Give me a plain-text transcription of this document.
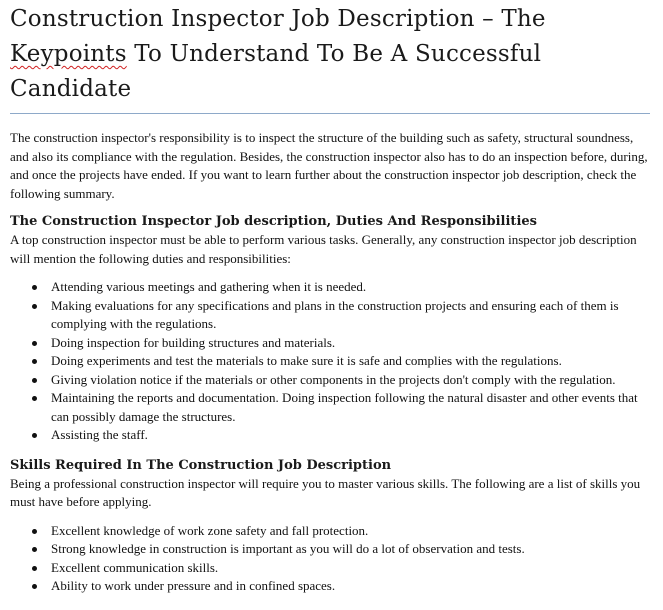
Construction Inspector Job Description – The
Keypoints To Understand To Be A Successful Candidate

The construction inspector's responsibility is to inspect the structure of the building such as safety, structural soundness, and also its compliance with the regulation. Besides, the construction inspector also has to do an inspection before, during, and once the projects have ended. If you want to learn further about the construction inspector job description, check the following summary.

The Construction Inspector Job description, Duties And Responsibilities

A top construction inspector must be able to perform various tasks. Generally, any construction inspector job description will mention the following duties and responsibilities:

Attending various meetings and gathering when it is needed.
Making evaluations for any specifications and plans in the construction projects and ensuring each of them is complying with the regulations.
Doing inspection for building structures and materials.
Doing experiments and test the materials to make sure it is safe and complies with the regulations.
Giving violation notice if the materials or other components in the projects don't comply with the regulation.
Maintaining the reports and documentation. Doing inspection following the natural disaster and other events that can possibly damage the structures.
Assisting the staff.
Skills Required In The Construction Job Description

Being a professional construction inspector will require you to master various skills. The following are a list of skills you must have before applying.

Excellent knowledge of work zone safety and fall protection.
Strong knowledge in construction is important as you will do a lot of observation and tests.
Excellent communication skills.
Ability to work under pressure and in confined spaces.
